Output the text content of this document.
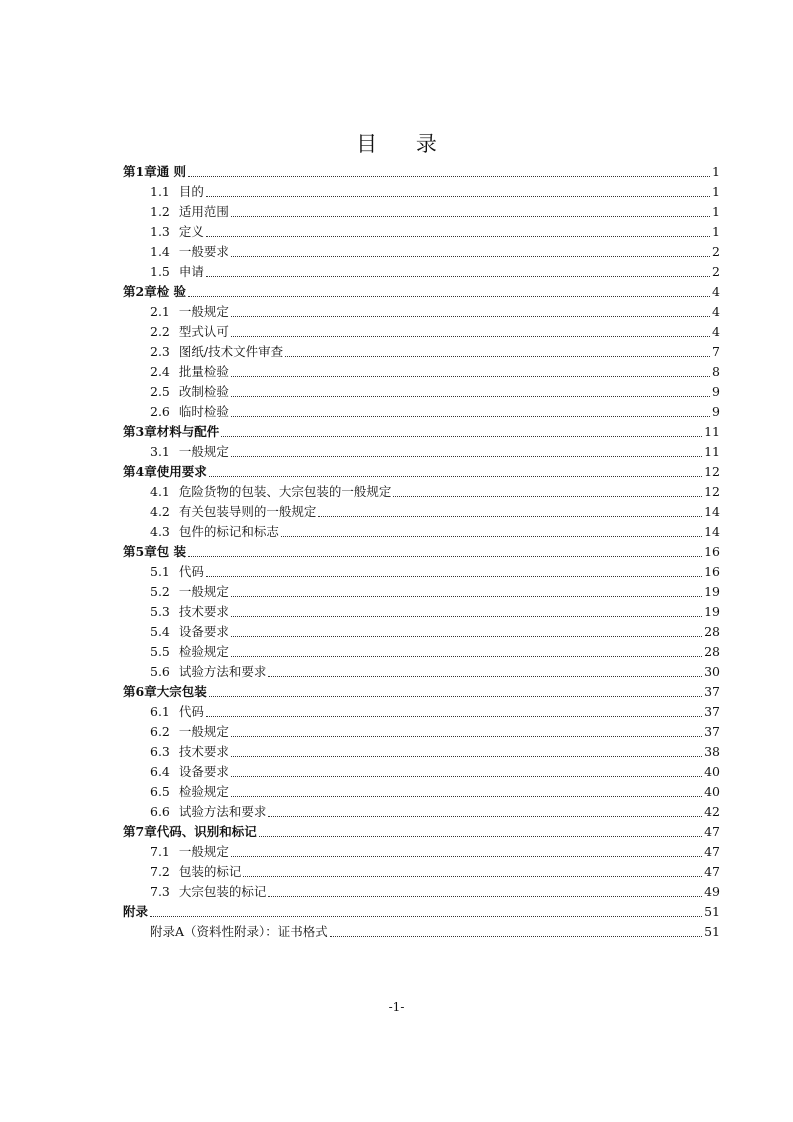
目 录
第1章通 则	1
1.1 目的	1
1.2 适用范围	1
1.3 定义	1
1.4 一般要求	2
1.5 申请	2
第2章检 验	4
2.1 一般规定	4
2.2 型式认可	4
2.3 图纸/技术文件审查	7
2.4 批量检验	8
2.5 改制检验	9
2.6 临时检验	9
第3章材料与配件	11
3.1 一般规定	11
第4章使用要求	12
4.1 危险货物的包装、大宗包装的一般规定	12
4.2 有关包装导则的一般规定	14
4.3 包件的标记和标志	14
第5章包 装	16
5.1 代码	16
5.2 一般规定	19
5.3 技术要求	19
5.4 设备要求	28
5.5 检验规定	28
5.6 试验方法和要求	30
第6章大宗包装	37
6.1 代码	37
6.2 一般规定	37
6.3 技术要求	38
6.4 设备要求	40
6.5 检验规定	40
6.6 试验方法和要求	42
第7章代码、识别和标记	47
7.1 一般规定	47
7.2 包装的标记	47
7.3 大宗包装的标记	49
附录	51
附录A（资料性附录）：证书格式	51
-1-
